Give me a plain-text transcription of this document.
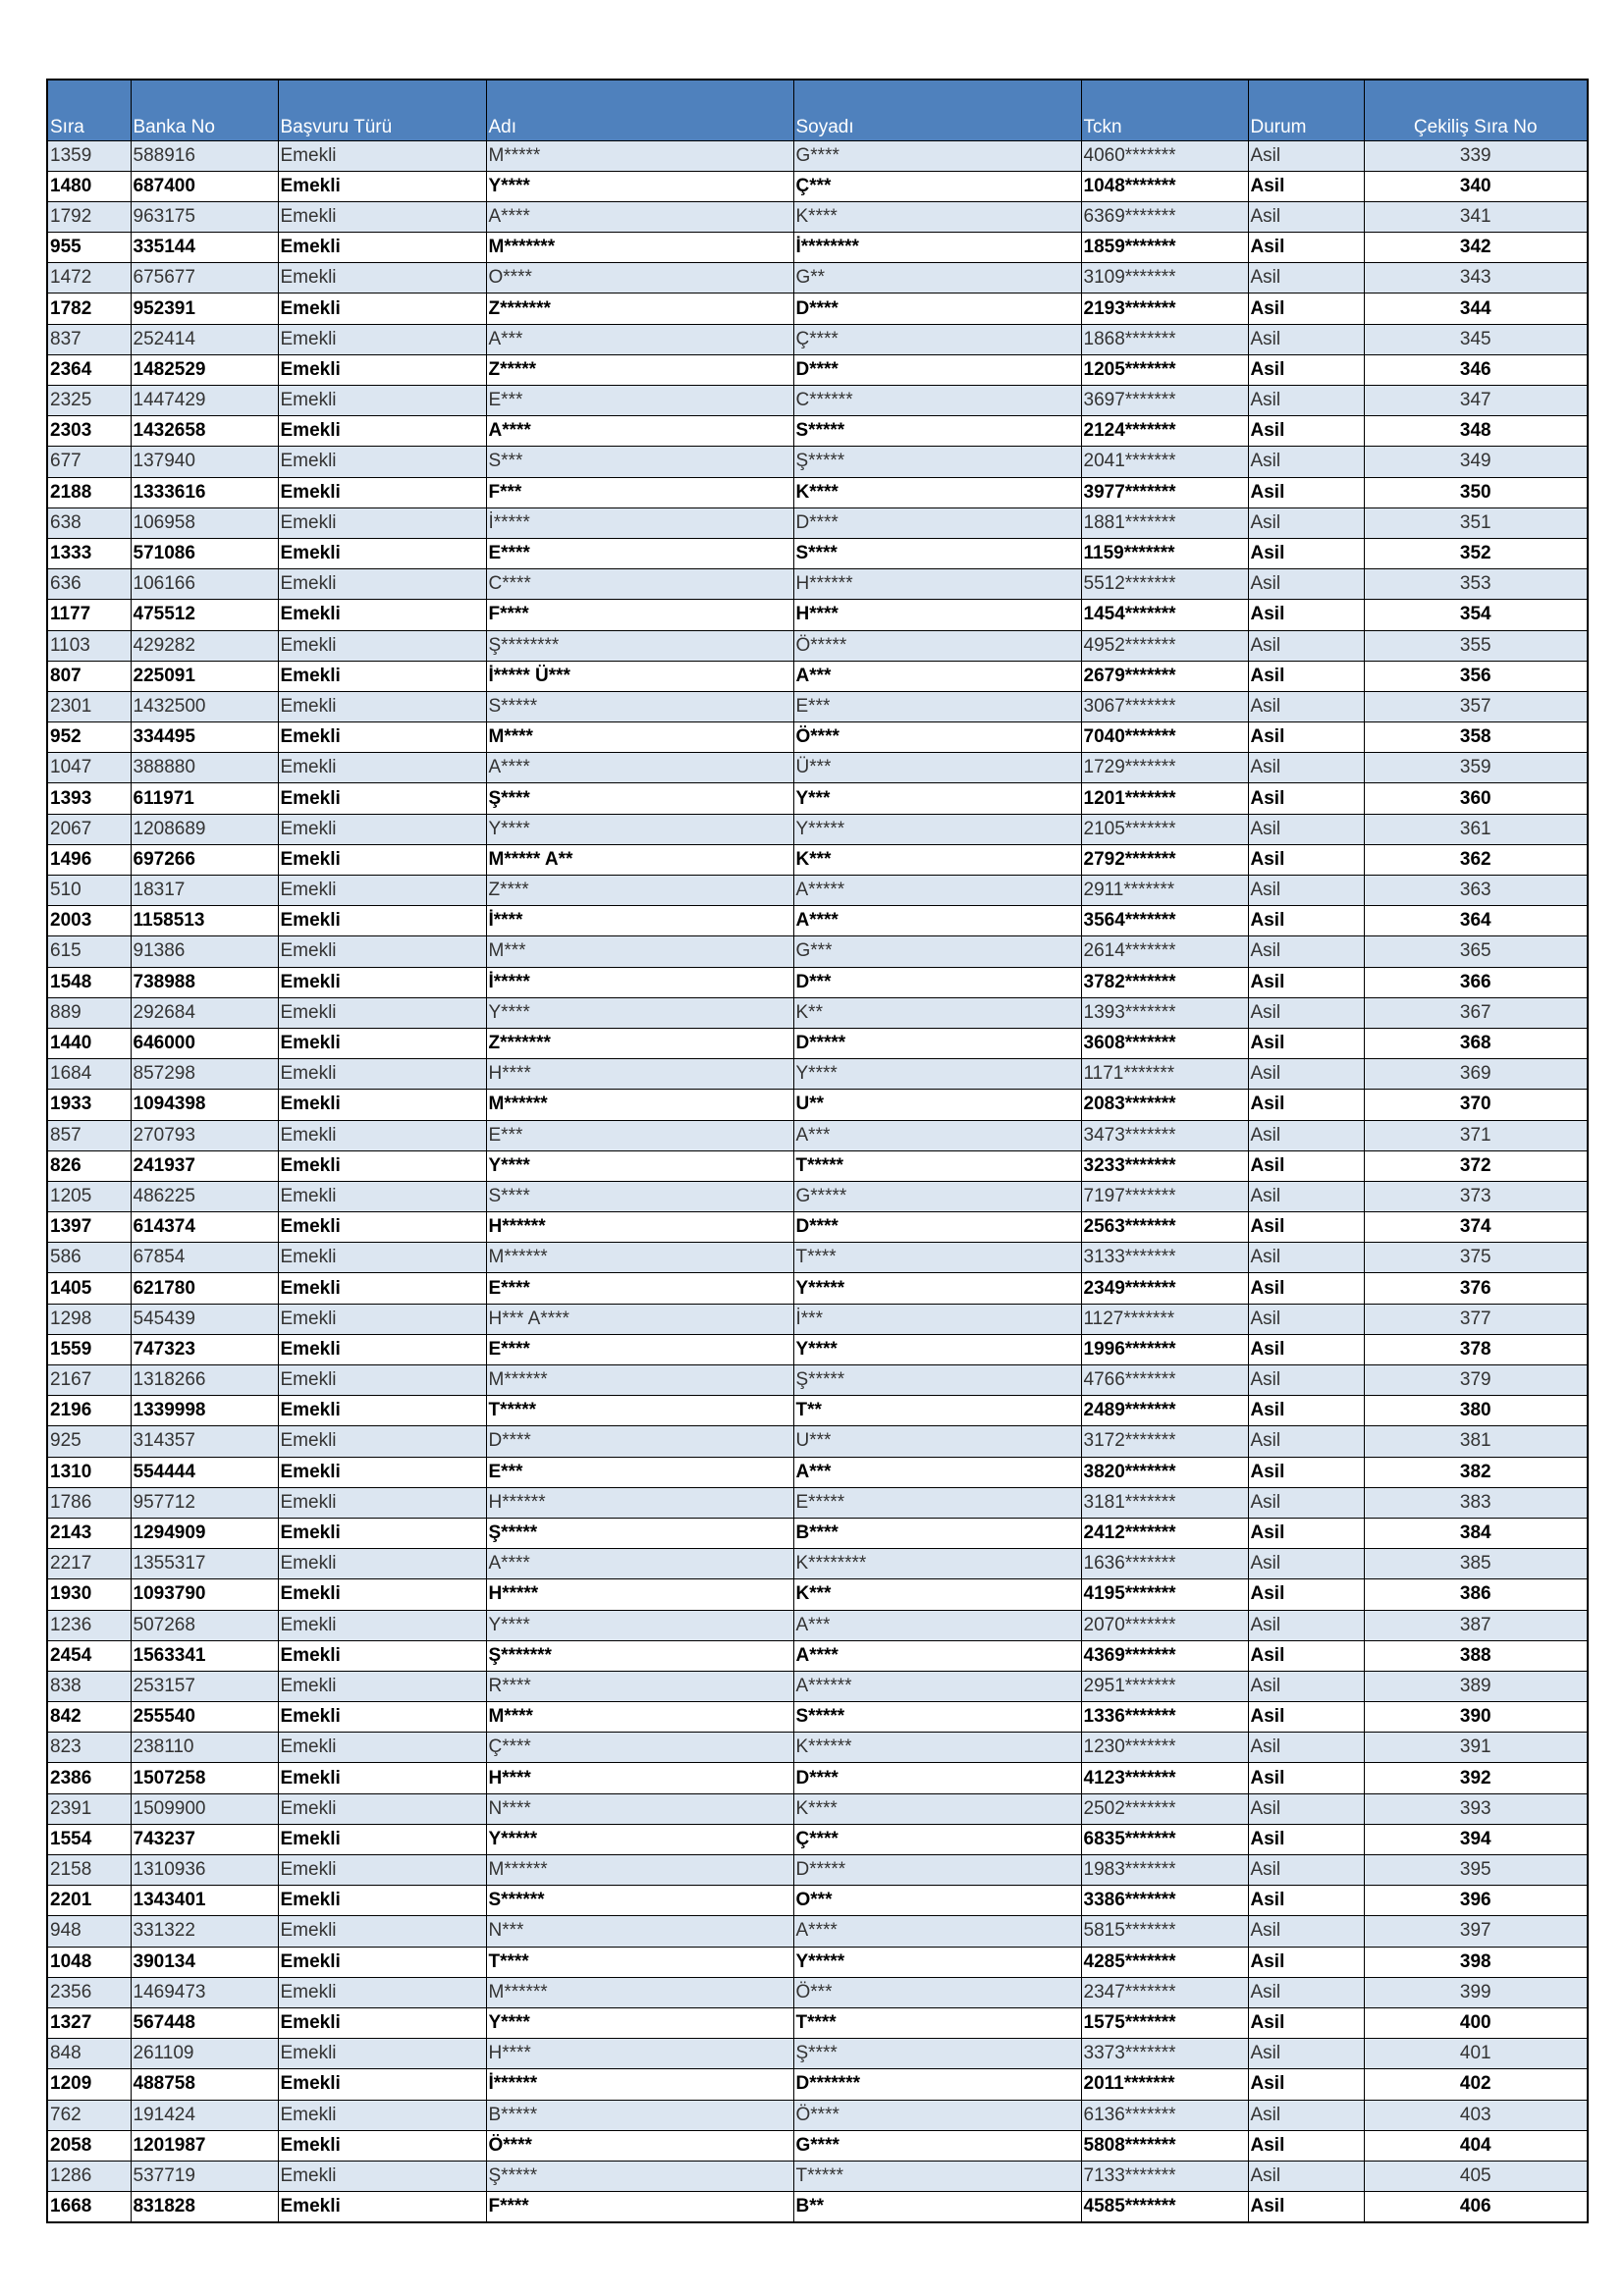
Sıra	Banka No	Başvuru Türü	Adı	Soyadı	Tckn	Durum	Çekiliş Sıra No
1359	588916	Emekli	M*****	G****	4060*******	Asil	339
1480	687400	Emekli	Y****	Ç***	1048*******	Asil	340
1792	963175	Emekli	A****	K****	6369*******	Asil	341
955	335144	Emekli	M*******	İ********	1859*******	Asil	342
1472	675677	Emekli	O****	G**	3109*******	Asil	343
1782	952391	Emekli	Z*******	D****	2193*******	Asil	344
837	252414	Emekli	A***	Ç****	1868*******	Asil	345
2364	1482529	Emekli	Z*****	D****	1205*******	Asil	346
2325	1447429	Emekli	E***	C******	3697*******	Asil	347
2303	1432658	Emekli	A****	S*****	2124*******	Asil	348
677	137940	Emekli	S***	Ş*****	2041*******	Asil	349
2188	1333616	Emekli	F***	K****	3977*******	Asil	350
638	106958	Emekli	İ*****	D****	1881*******	Asil	351
1333	571086	Emekli	E****	S****	1159*******	Asil	352
636	106166	Emekli	C****	H******	5512*******	Asil	353
1177	475512	Emekli	F****	H****	1454*******	Asil	354
1103	429282	Emekli	Ş********	Ö*****	4952*******	Asil	355
807	225091	Emekli	İ***** Ü***	A***	2679*******	Asil	356
2301	1432500	Emekli	S*****	E***	3067*******	Asil	357
952	334495	Emekli	M****	Ö****	7040*******	Asil	358
1047	388880	Emekli	A****	Ü***	1729*******	Asil	359
1393	611971	Emekli	Ş****	Y***	1201*******	Asil	360
2067	1208689	Emekli	Y****	Y*****	2105*******	Asil	361
1496	697266	Emekli	M***** A**	K***	2792*******	Asil	362
510	18317	Emekli	Z****	A*****	2911*******	Asil	363
2003	1158513	Emekli	İ****	A****	3564*******	Asil	364
615	91386	Emekli	M***	G***	2614*******	Asil	365
1548	738988	Emekli	İ*****	D***	3782*******	Asil	366
889	292684	Emekli	Y****	K**	1393*******	Asil	367
1440	646000	Emekli	Z*******	D*****	3608*******	Asil	368
1684	857298	Emekli	H****	Y****	1171*******	Asil	369
1933	1094398	Emekli	M******	U**	2083*******	Asil	370
857	270793	Emekli	E***	A***	3473*******	Asil	371
826	241937	Emekli	Y****	T*****	3233*******	Asil	372
1205	486225	Emekli	S****	G*****	7197*******	Asil	373
1397	614374	Emekli	H******	D****	2563*******	Asil	374
586	67854	Emekli	M******	T****	3133*******	Asil	375
1405	621780	Emekli	E****	Y*****	2349*******	Asil	376
1298	545439	Emekli	H*** A****	İ***	1127*******	Asil	377
1559	747323	Emekli	E****	Y****	1996*******	Asil	378
2167	1318266	Emekli	M******	Ş*****	4766*******	Asil	379
2196	1339998	Emekli	T*****	T**	2489*******	Asil	380
925	314357	Emekli	D****	U***	3172*******	Asil	381
1310	554444	Emekli	E***	A***	3820*******	Asil	382
1786	957712	Emekli	H******	E*****	3181*******	Asil	383
2143	1294909	Emekli	Ş*****	B****	2412*******	Asil	384
2217	1355317	Emekli	A****	K********	1636*******	Asil	385
1930	1093790	Emekli	H*****	K***	4195*******	Asil	386
1236	507268	Emekli	Y****	A***	2070*******	Asil	387
2454	1563341	Emekli	Ş*******	A****	4369*******	Asil	388
838	253157	Emekli	R****	A******	2951*******	Asil	389
842	255540	Emekli	M****	S*****	1336*******	Asil	390
823	238110	Emekli	Ç****	K******	1230*******	Asil	391
2386	1507258	Emekli	H****	D****	4123*******	Asil	392
2391	1509900	Emekli	N****	K****	2502*******	Asil	393
1554	743237	Emekli	Y*****	Ç****	6835*******	Asil	394
2158	1310936	Emekli	M******	D*****	1983*******	Asil	395
2201	1343401	Emekli	S******	O***	3386*******	Asil	396
948	331322	Emekli	N***	A****	5815*******	Asil	397
1048	390134	Emekli	T****	Y*****	4285*******	Asil	398
2356	1469473	Emekli	M******	Ö***	2347*******	Asil	399
1327	567448	Emekli	Y****	T****	1575*******	Asil	400
848	261109	Emekli	H****	Ş****	3373*******	Asil	401
1209	488758	Emekli	İ******	D*******	2011*******	Asil	402
762	191424	Emekli	B*****	Ö****	6136*******	Asil	403
2058	1201987	Emekli	Ö****	G****	5808*******	Asil	404
1286	537719	Emekli	Ş*****	T*****	7133*******	Asil	405
1668	831828	Emekli	F****	B**	4585*******	Asil	406
